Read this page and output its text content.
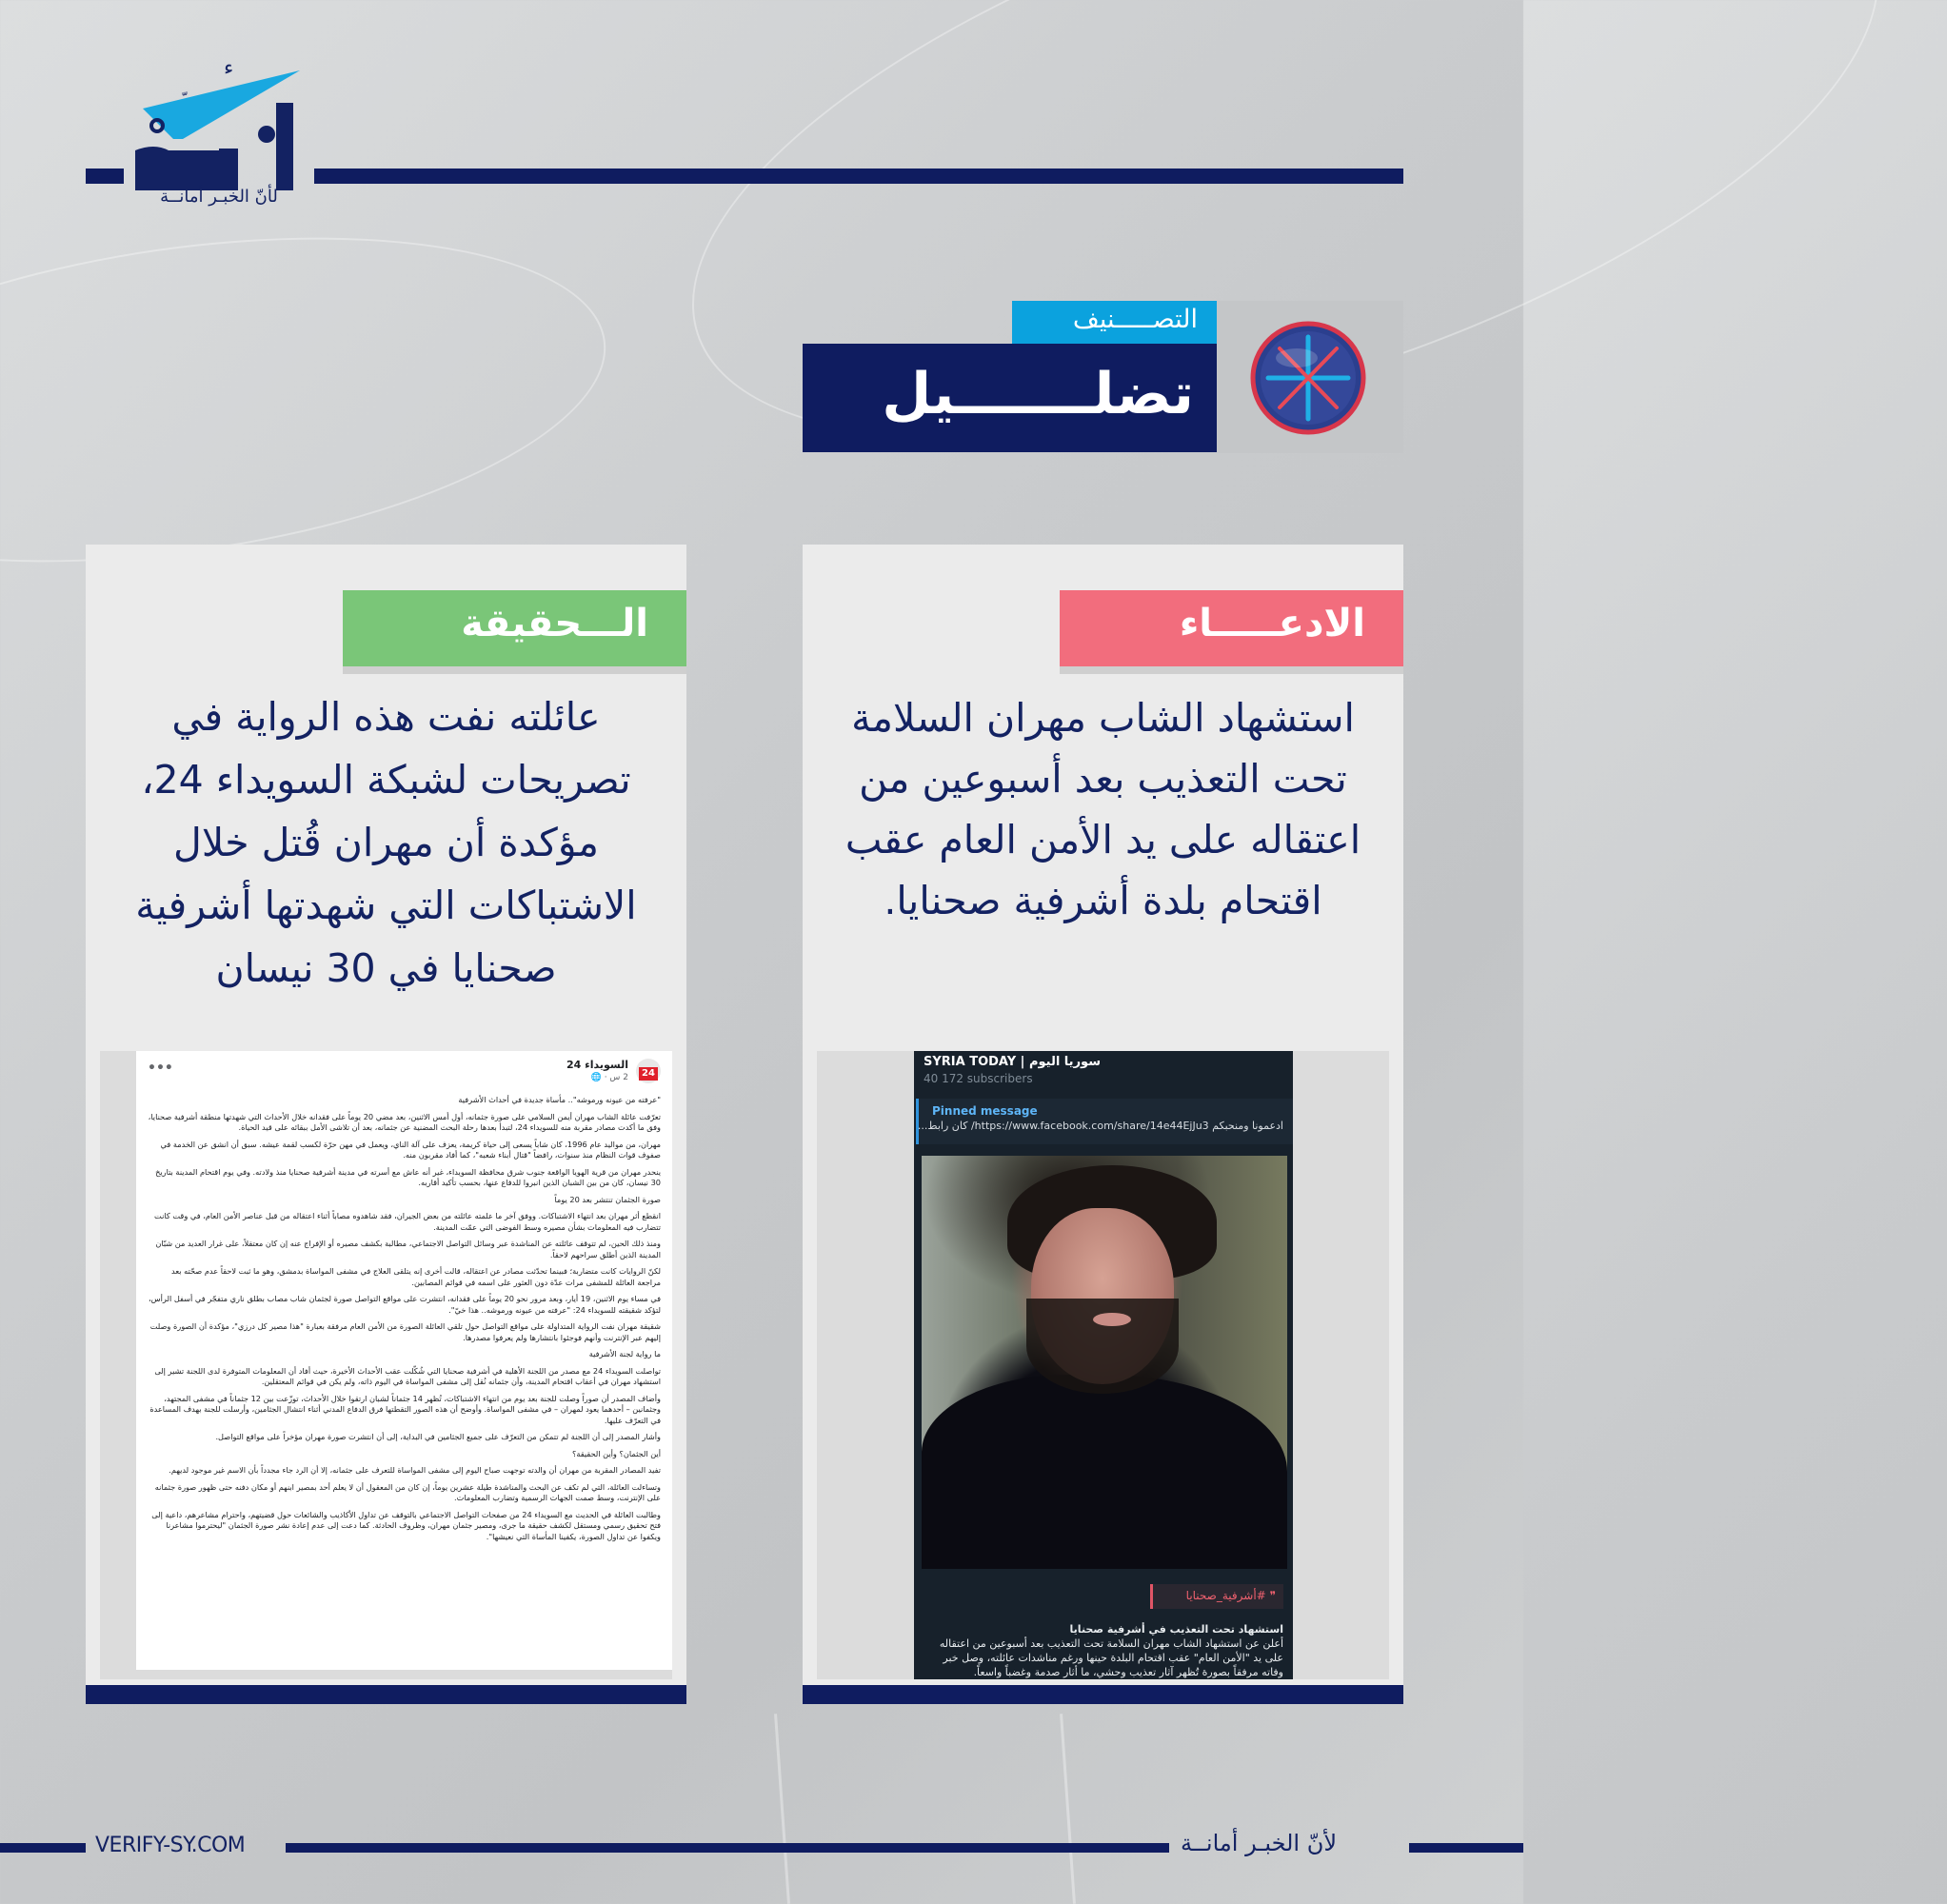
ء
لأنّ الخبـر أمانــة
التصـــــنيف
تضلـــــــيل
الادعـــــاء
استشهاد الشاب مهران السلامة تحت التعذيب بعد أسبوعين من اعتقاله على يد الأمن العام عقب اقتحام بلدة أشرفية صحنايا.
SYRIA TODAY | سوريا اليوم
40 172 subscribers
Pinned message
ادعمونا ومنحبكم https://www.facebook.com/share/14e44EjJu3/ كان رابط...
❞ #أشرفية_صحنايا
استشهاد تحت التعذيب في أشرفية صحنايا
أعلن عن استشهاد الشاب مهران السلامة تحت التعذيب بعد أسبوعين من اعتقاله على يد "الأمن العام" عقب اقتحام البلدة حينها ورغم مناشدات عائلته، وصل خبر وفاته مرفقاً بصورة تُظهر آثار تعذيب وحشي، ما أثار صدمة وغضباً واسعاً.
الـــحقيقة
عائلته نفت هذه الرواية في تصريحات لشبكة السويداء 24، مؤكدة أن مهران قُتل خلال الاشتباكات التي شهدتها أشرفية صحنايا في 30 نيسان
24
السويداء 24
2 س · 🌐
•••

"عرفته من عيونه ورموشه".. مأساة جديدة في أحداث الأشرفية

تعرّفت عائلة الشاب مهران أيمن السلامي على صورة جثمانه، أول أمس الاثنين، بعد مضي 20 يوماً على فقدانه خلال الأحداث التي شهدتها منطقة أشرفية صحنايا، وفق ما أكدت مصادر مقربة منه للسويداء 24، لتبدأ بعدها رحلة البحث المضنية عن جثمانه، بعد أن تلاشى الأمل ببقائه على قيد الحياة.

مهران، من مواليد عام 1996، كان شاباً يسعى إلى حياة كريمة، يعزف على آلة الناي، ويعمل في مهن حرّة لكسب لقمة عيشه. سبق أن انشق عن الخدمة في صفوف قوات النظام منذ سنوات، رافضاً "قتال أبناء شعبه"، كما أفاد مقربون منه.

ينحدر مهران من قرية الهويا الواقعة جنوب شرق محافظة السويداء، غير أنه عاش مع أسرته في مدينة أشرفية صحنايا منذ ولادته. وفي يوم اقتحام المدينة بتاريخ 30 نيسان، كان من بين الشبان الذين انبروا للدفاع عنها، بحسب تأكيد أقاربه.

صورة الجثمان تنتشر بعد 20 يوماً

انقطع أثر مهران بعد انتهاء الاشتباكات. ووفق آخر ما علمته عائلته من بعض الجيران، فقد شاهدوه مصاباً أثناء اعتقاله من قبل عناصر الأمن العام، في وقت كانت تتضارب فيه المعلومات بشأن مصيره وسط الفوضى التي عمّت المدينة.

ومنذ ذلك الحين، لم تتوقف عائلته عن المناشدة عبر وسائل التواصل الاجتماعي، مطالبة بكشف مصيره أو الإفراج عنه إن كان معتقلاً، على غرار العديد من شبّان المدينة الذين أطلق سراحهم لاحقاً.

لكنّ الروايات كانت متضاربة؛ فبينما تحدّثت مصادر عن اعتقاله، قالت أخرى إنه يتلقى العلاج في مشفى المواساة بدمشق، وهو ما ثبت لاحقاً عدم صحّته بعد مراجعة العائلة للمشفى مرات عدّة دون العثور على اسمه في قوائم المصابين.

في مساء يوم الاثنين، 19 أيار، وبعد مرور نحو 20 يوماً على فقدانه، انتشرت على مواقع التواصل صورة لجثمان شاب مصاب بطلق ناري متفجّر في أسفل الرأس، لتؤكد شقيقته للسويداء 24: "عرفته من عيونه ورموشه.. هذا خيّ".

شقيقة مهران نفت الرواية المتداولة على مواقع التواصل حول تلقي العائلة الصورة من الأمن العام مرفقة بعبارة "هذا مصير كل درزي"، مؤكدة أن الصورة وصلت إليهم عبر الإنترنت وأنهم فوجئوا بانتشارها ولم يعرفوا مصدرها.

ما رواية لجنة الأشرفية

تواصلت السويداء 24 مع مصدر من اللجنة الأهلية في أشرفية صحنايا التي شُكّلت عقب الأحداث الأخيرة، حيث أفاد أن المعلومات المتوفرة لدى اللجنة تشير إلى استشهاد مهران في أعقاب اقتحام المدينة، وأن جثمانه نُقل إلى مشفى المواساة في اليوم ذاته، ولم يكن في قوائم المعتقلين.

وأضاف المصدر أن صوراً وصلت للجنة بعد يوم من انتهاء الاشتباكات، تُظهر 14 جثماناً لشبان ارتقوا خلال الأحداث، توزّعت بين 12 جثماناً في مشفى المجتهد، وجثمانين – أحدهما يعود لمهران – في مشفى المواساة. وأوضح أن هذه الصور التقطتها فرق الدفاع المدني أثناء انتشال الجثامين، وأرسلت للجنة بهدف المساعدة في التعرّف عليها.

وأشار المصدر إلى أن اللجنة لم تتمكن من التعرّف على جميع الجثامين في البداية، إلى أن انتشرت صورة مهران مؤخراً على مواقع التواصل.

أين الجثمان؟ وأين الحقيقة؟

تفيد المصادر المقربة من مهران أن والدته توجهت صباح اليوم إلى مشفى المواساة للتعرف على جثمانه، إلا أن الرد جاء مجدداً بأن الاسم غير موجود لديهم.

وتساءلت العائلة، التي لم تكف عن البحث والمناشدة طيلة عشرين يوماً، إن كان من المعقول أن لا يعلم أحد بمصير ابنهم أو مكان دفنه حتى ظهور صورة جثمانه على الإنترنت، وسط صمت الجهات الرسمية وتضارب المعلومات.

وطالبت العائلة في الحديث مع السويداء 24 من صفحات التواصل الاجتماعي بالتوقف عن تداول الأكاذيب والشائعات حول قضيتهم، واحترام مشاعرهم، داعية إلى فتح تحقيق رسمي ومستقل لكشف حقيقة ما جرى، ومصير جثمان مهران، وظروف الحادثة. كما دعت إلى عدم إعادة نشر صورة الجثمان "ليحترموا مشاعرنا ويكفوا عن تداول الصورة، يكفينا المأساة التي نعيشها".

VERIFY-SY.COM	لأنّ الخبـر أمانــة
